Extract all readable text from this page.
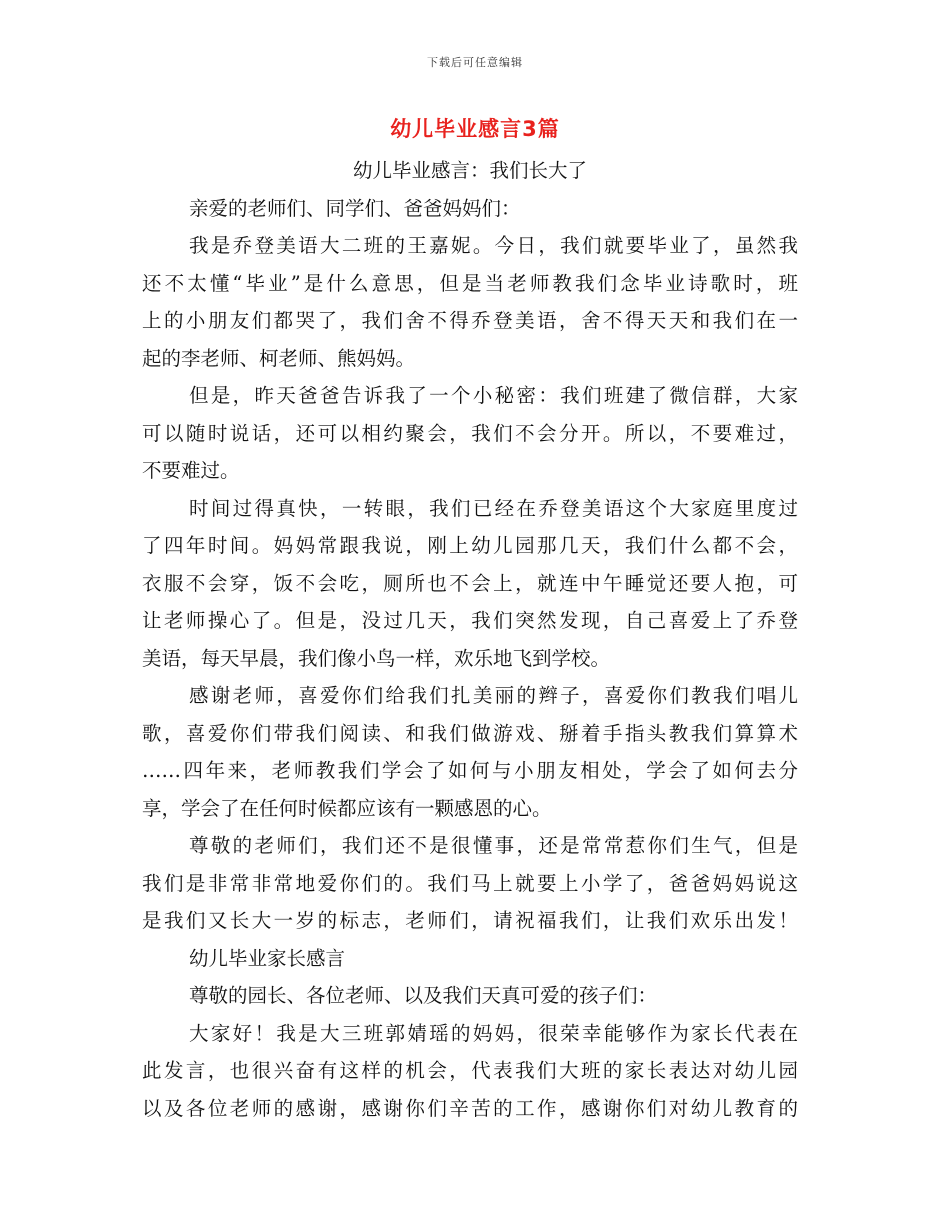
下载后可任意编辑
幼儿毕业感言3篇
幼儿毕业感言：我们长大了
亲爱的老师们、同学们、爸爸妈妈们：
我是乔登美语大二班的王嘉妮。今日，我们就要毕业了，虽然我
还不太懂“毕业”是什么意思，但是当老师教我们念毕业诗歌时，班
上的小朋友们都哭了，我们舍不得乔登美语，舍不得天天和我们在一
起的李老师、柯老师、熊妈妈。
但是，昨天爸爸告诉我了一个小秘密：我们班建了微信群，大家
可以随时说话，还可以相约聚会，我们不会分开。所以，不要难过，
不要难过。
时间过得真快，一转眼，我们已经在乔登美语这个大家庭里度过
了四年时间。妈妈常跟我说，刚上幼儿园那几天，我们什么都不会，
衣服不会穿，饭不会吃，厕所也不会上，就连中午睡觉还要人抱，可
让老师操心了。但是，没过几天，我们突然发现，自己喜爱上了乔登
美语，每天早晨，我们像小鸟一样，欢乐地飞到学校。
感谢老师，喜爱你们给我们扎美丽的辫子，喜爱你们教我们唱儿
歌，喜爱你们带我们阅读、和我们做游戏、掰着手指头教我们算算术
……四年来，老师教我们学会了如何与小朋友相处，学会了如何去分
享，学会了在任何时候都应该有一颗感恩的心。
尊敬的老师们，我们还不是很懂事，还是常常惹你们生气，但是
我们是非常非常地爱你们的。我们马上就要上小学了，爸爸妈妈说这
是我们又长大一岁的标志，老师们，请祝福我们，让我们欢乐出发！
幼儿毕业家长感言
尊敬的园长、各位老师、以及我们天真可爱的孩子们：
大家好！我是大三班郭婧瑶的妈妈，很荣幸能够作为家长代表在
此发言，也很兴奋有这样的机会，代表我们大班的家长表达对幼儿园
以及各位老师的感谢，感谢你们辛苦的工作，感谢你们对幼儿教育的
